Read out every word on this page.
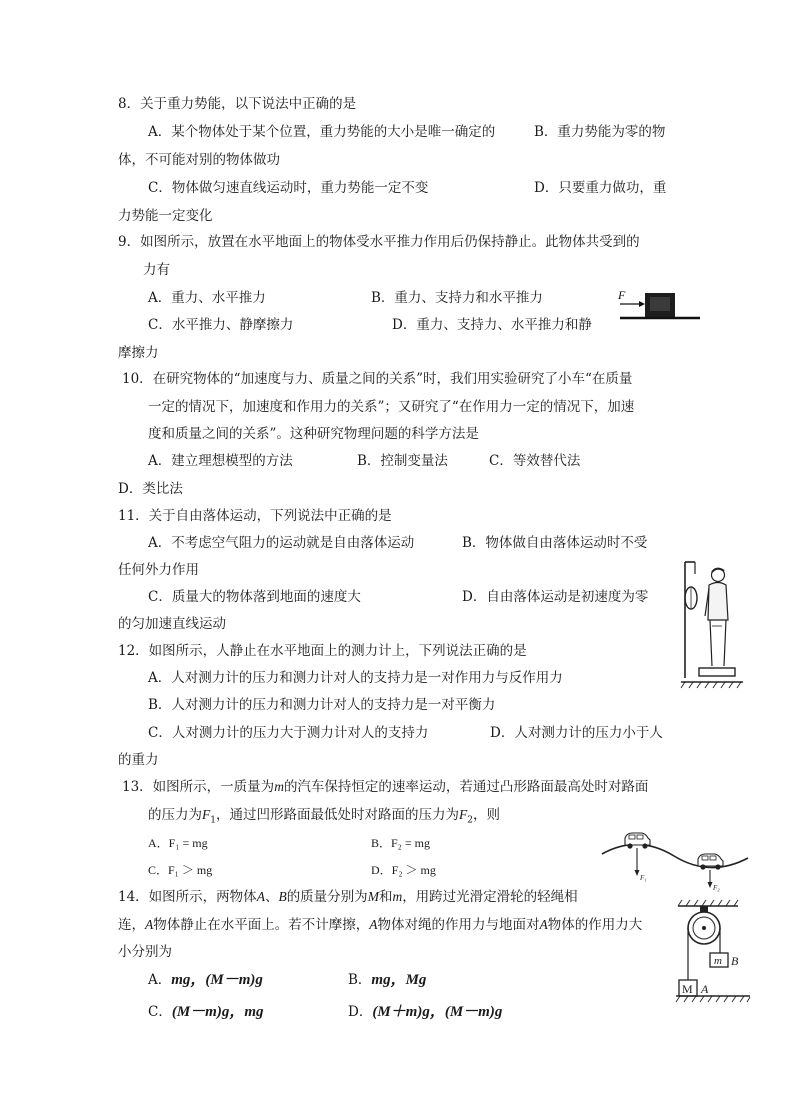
8．关于重力势能，以下说法中正确的是
A．某个物体处于某个位置，重力势能的大小是唯一确定的	B．重力势能为零的物
体，不可能对别的物体做功
C．物体做匀速直线运动时，重力势能一定不变	D．只要重力做功，重
力势能一定变化
9．如图所示，放置在水平地面上的物体受水平推力作用后仍保持静止。此物体共受到的
力有
A．重力、水平推力	B．重力、支持力和水平推力
C．水平推力、静摩擦力	D．重力、支持力、水平推力和静
摩擦力
F
10．在研究物体的“加速度与力、质量之间的关系”时，我们用实验研究了小车“在质量
一定的情况下，加速度和作用力的关系”；又研究了“在作用力一定的情况下，加速
度和质量之间的关系”。这种研究物理问题的科学方法是
A．建立理想模型的方法	B．控制变量法	C．等效替代法
D．类比法
11．关于自由落体运动，下列说法中正确的是
A．不考虑空气阻力的运动就是自由落体运动	B．物体做自由落体运动时不受
任何外力作用
C．质量大的物体落到地面的速度大	D．自由落体运动是初速度为零
的匀加速直线运动
12．如图所示，人静止在水平地面上的测力计上，下列说法正确的是
A．人对测力计的压力和测力计对人的支持力是一对作用力与反作用力
B．人对测力计的压力和测力计对人的支持力是一对平衡力
C．人对测力计的压力大于测力计对人的支持力	D．人对测力计的压力小于人
的重力
13．如图所示，一质量为m的汽车保持恒定的速率运动，若通过凸形路面最高处时对路面
的压力为$F_1$，通过凹形路面最低处时对路面的压力为$F_2$，则
A．F₁ = mg	B．F₂ = mg
C．F₁ ＞ mg	D．F₂ ＞ mg
F₁
F₂
14．如图所示，两物体A、B的质量分别为M和m，用跨过光滑定滑轮的轻绳相
连，A物体静止在水平面上。若不计摩擦，A物体对绳的作用力与地面对A物体的作用力大
小分别为
A．mg，(M－m)g	B．mg，Mg
C．(M－m)g，mg	D．(M＋m)g，(M－m)g
m B
M A
